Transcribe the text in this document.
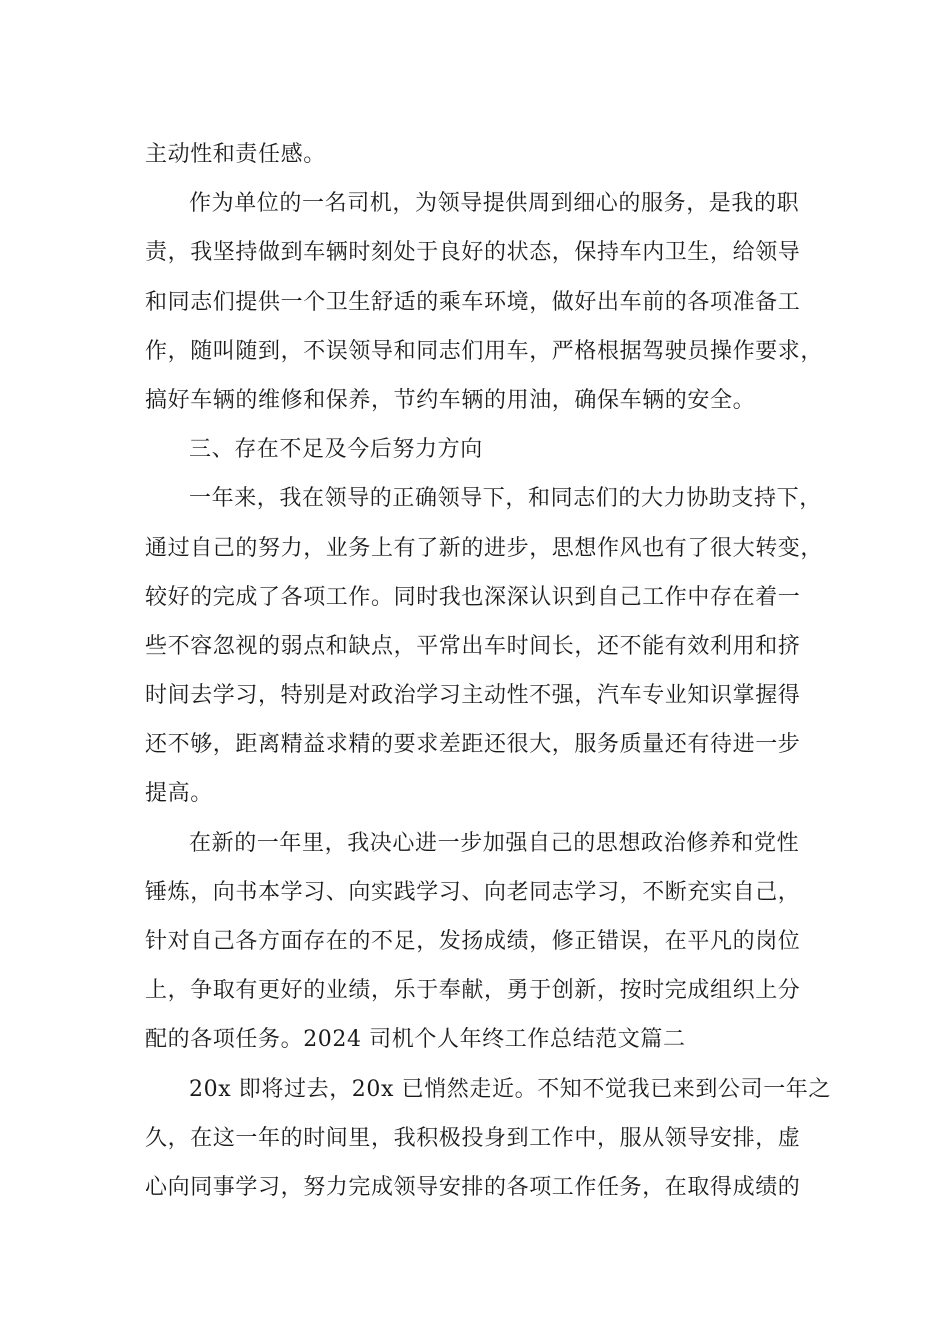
主动性和责任感。
作为单位的一名司机，为领导提供周到细心的服务，是我的职
责，我坚持做到车辆时刻处于良好的状态，保持车内卫生，给领导
和同志们提供一个卫生舒适的乘车环境，做好出车前的各项准备工
作，随叫随到，不误领导和同志们用车，严格根据驾驶员操作要求，
搞好车辆的维修和保养，节约车辆的用油，确保车辆的安全。
三、存在不足及今后努力方向
一年来，我在领导的正确领导下，和同志们的大力协助支持下，
通过自己的努力，业务上有了新的进步，思想作风也有了很大转变，
较好的完成了各项工作。同时我也深深认识到自己工作中存在着一
些不容忽视的弱点和缺点，平常出车时间长，还不能有效利用和挤
时间去学习，特别是对政治学习主动性不强，汽车专业知识掌握得
还不够，距离精益求精的要求差距还很大，服务质量还有待进一步
提高。
在新的一年里，我决心进一步加强自己的思想政治修养和党性
锤炼，向书本学习、向实践学习、向老同志学习，不断充实自己，
针对自己各方面存在的不足，发扬成绩，修正错误，在平凡的岗位
上，争取有更好的业绩，乐于奉献，勇于创新，按时完成组织上分
配的各项任务。2024 司机个人年终工作总结范文篇二
20x 即将过去，20x 已悄然走近。不知不觉我已来到公司一年之
久，在这一年的时间里，我积极投身到工作中，服从领导安排，虚
心向同事学习，努力完成领导安排的各项工作任务，在取得成绩的
